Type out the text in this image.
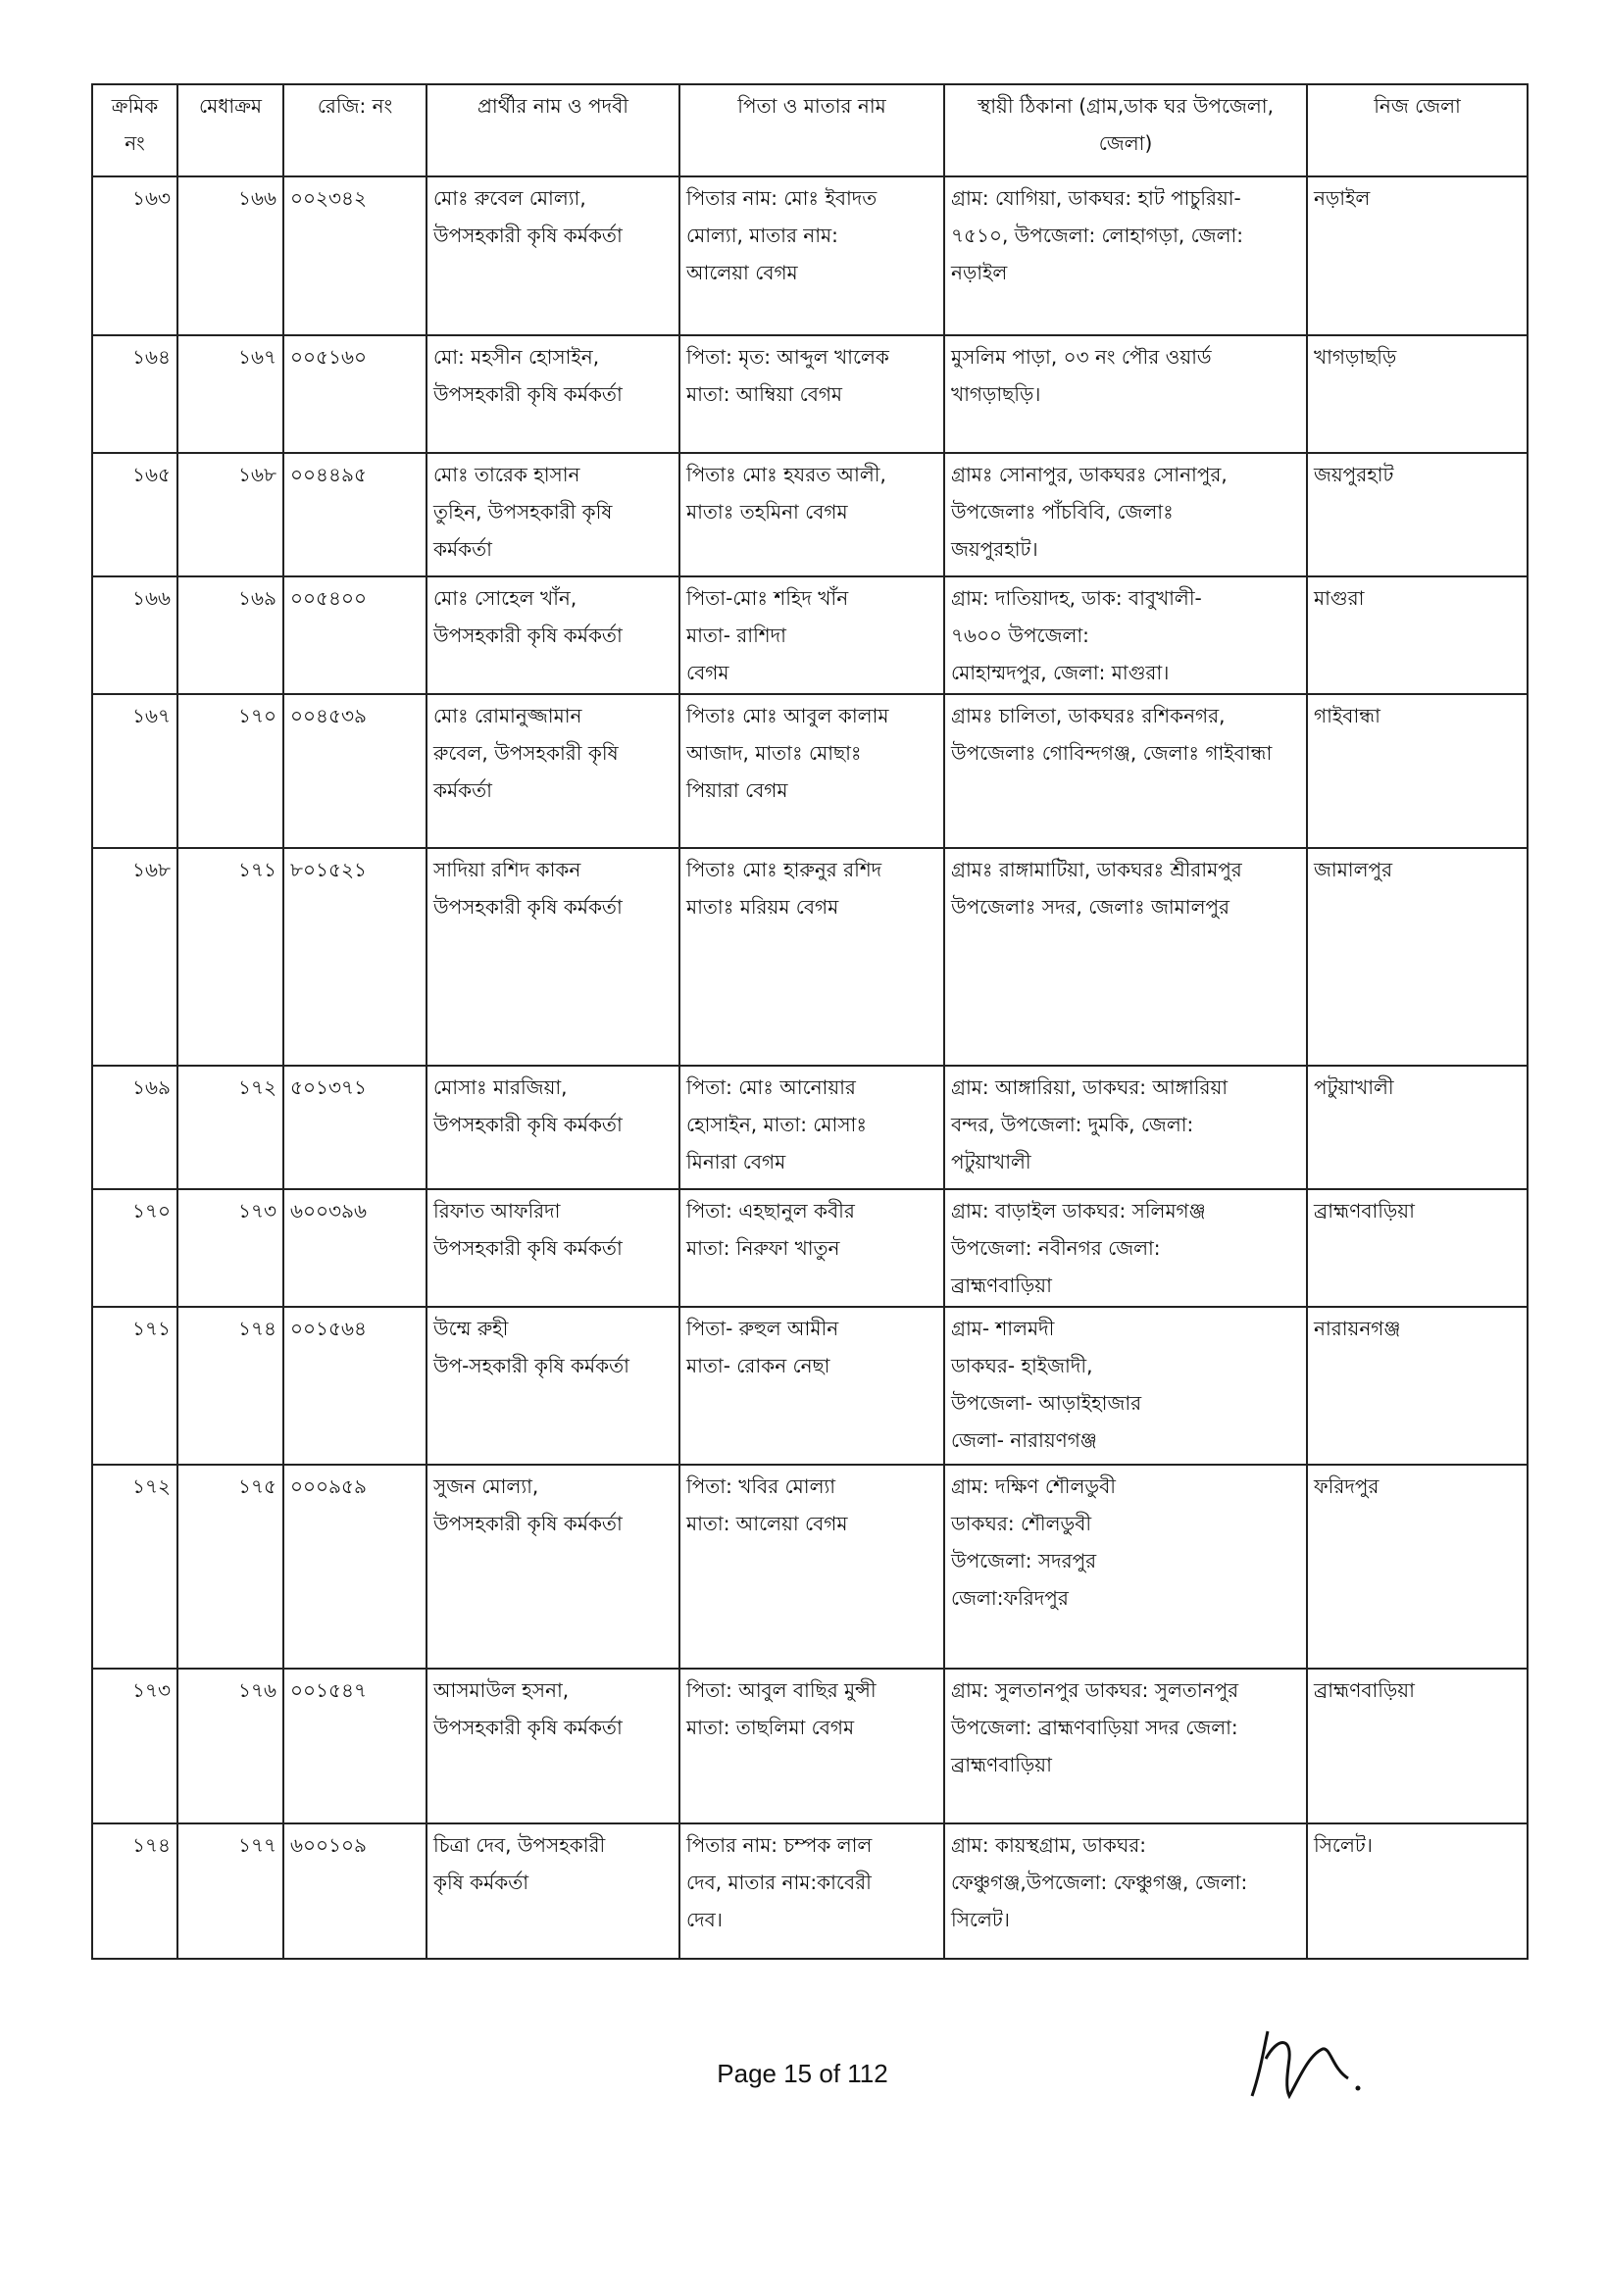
ক্রমিক
নং	মেধাক্রম	রেজি: নং	প্রার্থীর নাম ও পদবী	পিতা ও মাতার নাম	স্থায়ী ঠিকানা (গ্রাম,ডাক ঘর উপজেলা,
জেলা)	নিজ জেলা

১৬৩	১৬৬	০০২৩৪২	মোঃ রুবেল মোল্যা,
উপসহকারী কৃষি কর্মকর্তা	পিতার নাম: মোঃ ইবাদত
মোল্যা, মাতার নাম:
আলেয়া বেগম	গ্রাম: যোগিয়া, ডাকঘর: হাট পাচুরিয়া-
৭৫১০, উপজেলা: লোহাগড়া, জেলা:
নড়াইল	নড়াইল
১৬৪	১৬৭	০০৫১৬০	মো: মহসীন হোসাইন,
উপসহকারী কৃষি কর্মকর্তা	পিতা: মৃত: আব্দুল খালেক
মাতা: আম্বিয়া বেগম	মুসলিম পাড়া, ০৩ নং পৌর ওয়ার্ড
খাগড়াছড়ি।	খাগড়াছড়ি
১৬৫	১৬৮	০০৪৪৯৫	মোঃ তারেক হাসান
তুহিন, উপসহকারী কৃষি
কর্মকর্তা	পিতাঃ মোঃ হযরত আলী,
মাতাঃ তহমিনা বেগম	গ্রামঃ সোনাপুর, ডাকঘরঃ সোনাপুর,
উপজেলাঃ পাঁচবিবি, জেলাঃ
জয়পুরহাট।	জয়পুরহাট
১৬৬	১৬৯	০০৫৪০০	মোঃ সোহেল খাঁন,
উপসহকারী কৃষি কর্মকর্তা	পিতা-মোঃ শহিদ খাঁন
মাতা- রাশিদা
বেগম	গ্রাম: দাতিয়াদহ, ডাক: বাবুখালী-
৭৬০০ উপজেলা:
মোহাম্মদপুর, জেলা: মাগুরা।	মাগুরা
১৬৭	১৭০	০০৪৫৩৯	মোঃ রোমানুজ্জামান
রুবেল, উপসহকারী কৃষি
কর্মকর্তা	পিতাঃ মোঃ আবুল কালাম
আজাদ, মাতাঃ মোছাঃ
পিয়ারা বেগম	গ্রামঃ চালিতা, ডাকঘরঃ রশিকনগর,
উপজেলাঃ গোবিন্দগঞ্জ, জেলাঃ গাইবান্ধা	গাইবান্ধা
১৬৮	১৭১	৮০১৫২১	সাদিয়া রশিদ কাকন
উপসহকারী কৃষি কর্মকর্তা	পিতাঃ মোঃ হারুনুর রশিদ
মাতাঃ মরিয়ম বেগম	গ্রামঃ রাঙ্গামাটিয়া, ডাকঘরঃ শ্রীরামপুর
উপজেলাঃ সদর, জেলাঃ জামালপুর	জামালপুর
১৬৯	১৭২	৫০১৩৭১	মোসাঃ মারজিয়া,
উপসহকারী কৃষি কর্মকর্তা	পিতা: মোঃ আনোয়ার
হোসাইন, মাতা: মোসাঃ
মিনারা বেগম	গ্রাম: আঙ্গারিয়া, ডাকঘর: আঙ্গারিয়া
বন্দর, উপজেলা: দুমকি, জেলা:
পটুয়াখালী	পটুয়াখালী
১৭০	১৭৩	৬০০৩৯৬	রিফাত আফরিদা
উপসহকারী কৃষি কর্মকর্তা	পিতা: এহছানুল কবীর
মাতা: নিরুফা খাতুন	গ্রাম: বাড়াইল ডাকঘর: সলিমগঞ্জ
উপজেলা: নবীনগর জেলা:
ব্রাহ্মণবাড়িয়া	ব্রাহ্মণবাড়িয়া
১৭১	১৭৪	০০১৫৬৪	উম্মে রুহী
উপ-সহকারী কৃষি কর্মকর্তা	পিতা- রুহুল আমীন
মাতা- রোকন নেছা	গ্রাম- শালমদী
ডাকঘর- হাইজাদী,
উপজেলা- আড়াইহাজার
জেলা- নারায়ণগঞ্জ	নারায়নগঞ্জ
১৭২	১৭৫	০০০৯৫৯	সুজন মোল্যা,
উপসহকারী কৃষি কর্মকর্তা	পিতা: খবির মোল্যা
মাতা: আলেয়া বেগম	গ্রাম: দক্ষিণ শৌলডুবী
ডাকঘর: শৌলডুবী
উপজেলা: সদরপুর
জেলা:ফরিদপুর	ফরিদপুর
১৭৩	১৭৬	০০১৫৪৭	আসমাউল হসনা,
উপসহকারী কৃষি কর্মকর্তা	পিতা: আবুল বাছির মুন্সী
মাতা: তাছলিমা বেগম	গ্রাম: সুলতানপুর ডাকঘর: সুলতানপুর
উপজেলা: ব্রাহ্মণবাড়িয়া সদর জেলা:
ব্রাহ্মণবাড়িয়া	ব্রাহ্মণবাড়িয়া
১৭৪	১৭৭	৬০০১০৯	চিত্রা দেব, উপসহকারী
কৃষি কর্মকর্তা	পিতার নাম: চম্পক লাল
দেব, মাতার নাম:কাবেরী
দেব।	গ্রাম: কায়স্থগ্রাম, ডাকঘর:
ফেঞ্চুগঞ্জ,উপজেলা: ফেঞ্চুগঞ্জ, জেলা:
সিলেট।	সিলেট।
Page 15 of 112
